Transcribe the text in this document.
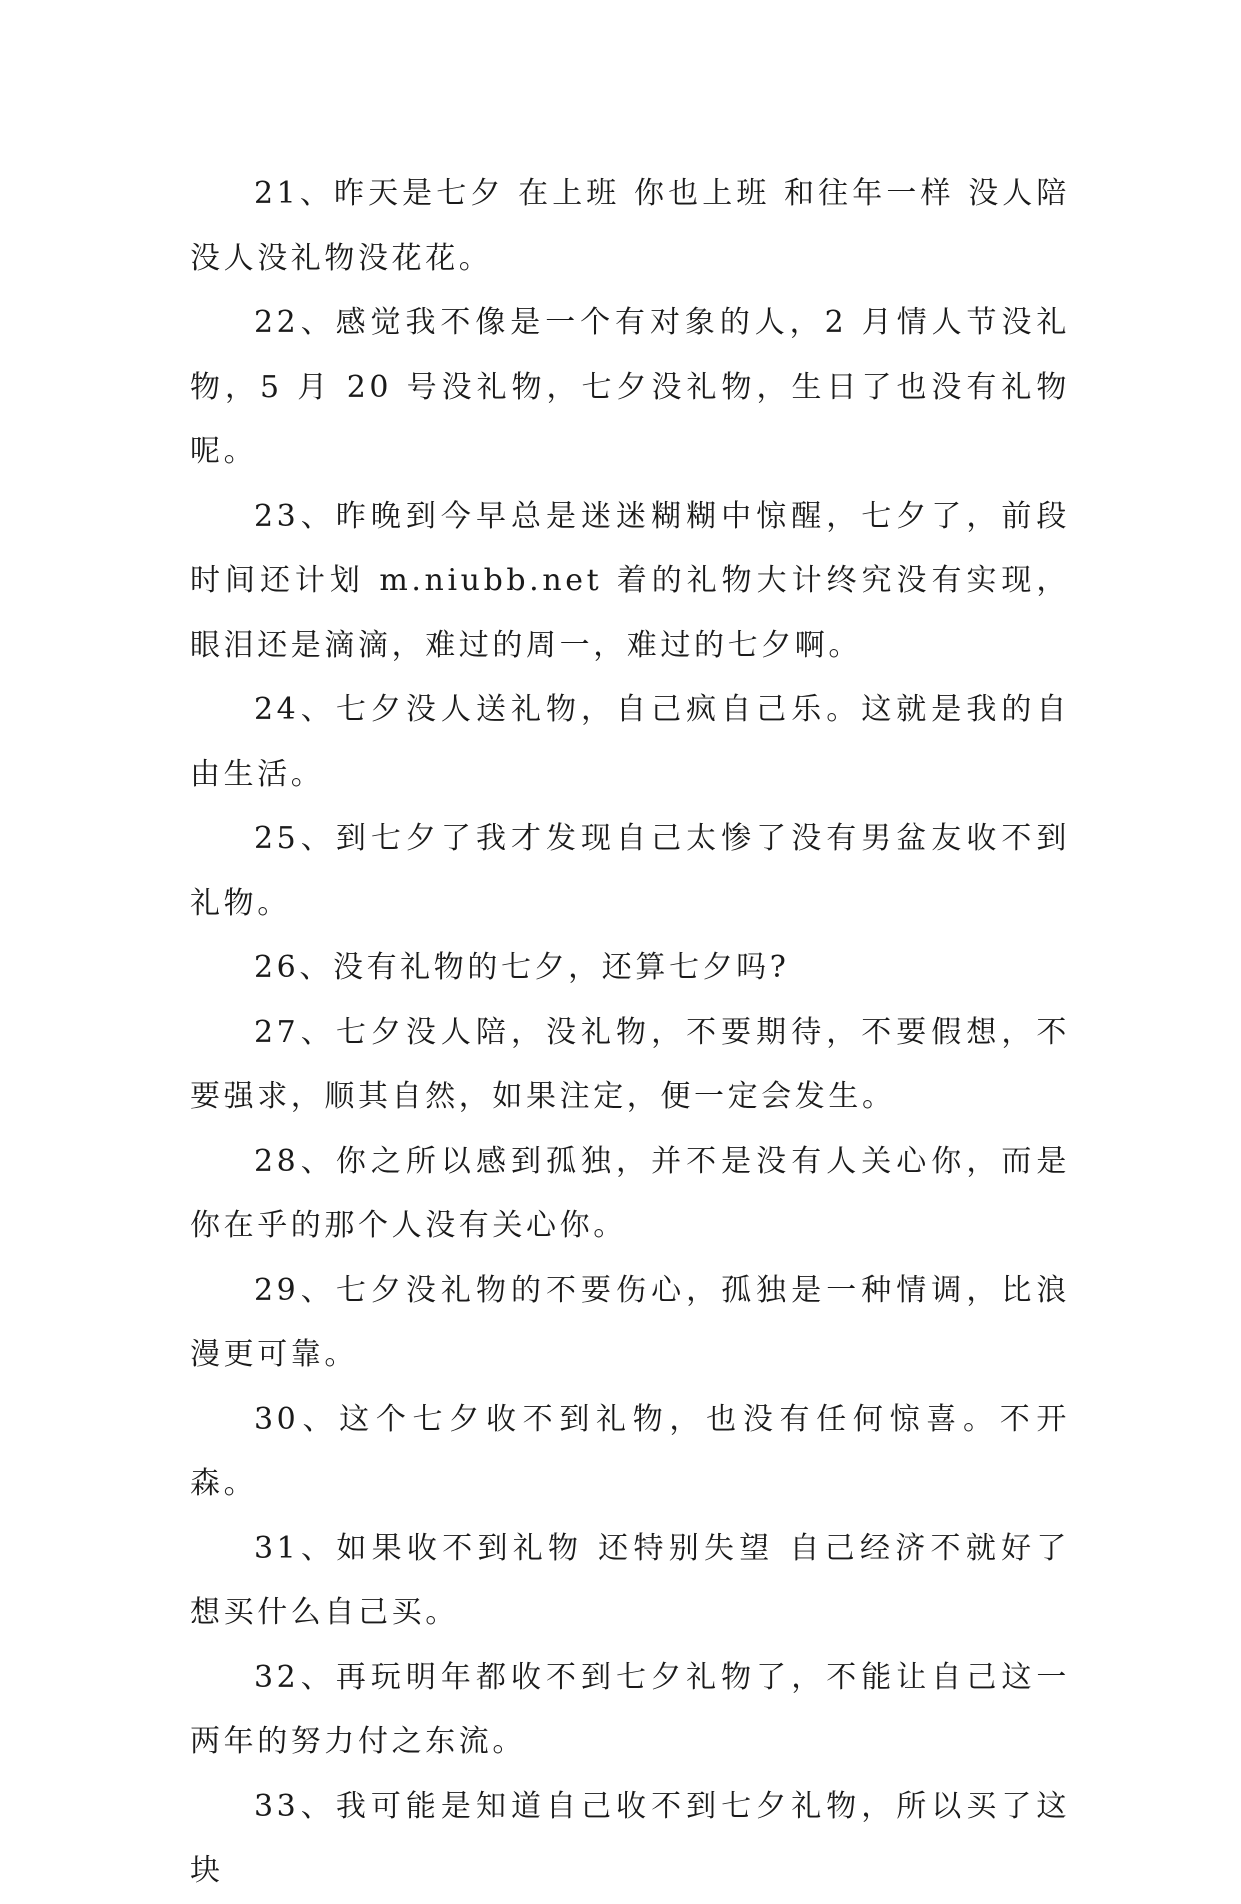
21、昨天是七夕 在上班 你也上班 和往年一样 没人陪没人没礼物没花花。

22、感觉我不像是一个有对象的人，2 月情人节没礼物，5 月 20 号没礼物，七夕没礼物，生日了也没有礼物呢。

23、昨晚到今早总是迷迷糊糊中惊醒，七夕了，前段时间还计划 m.niubb.net 着的礼物大计终究没有实现，眼泪还是滴滴，难过的周一，难过的七夕啊。

24、七夕没人送礼物，自己疯自己乐。这就是我的自由生活。

25、到七夕了我才发现自己太惨了没有男盆友收不到礼物。

26、没有礼物的七夕，还算七夕吗?

27、七夕没人陪，没礼物，不要期待，不要假想，不要强求，顺其自然，如果注定，便一定会发生。

28、你之所以感到孤独，并不是没有人关心你，而是你在乎的那个人没有关心你。

29、七夕没礼物的不要伤心，孤独是一种情调，比浪漫更可靠。

30、这个七夕收不到礼物，也没有任何惊喜。不开森。

31、如果收不到礼物 还特别失望 自己经济不就好了 想买什么自己买。

32、再玩明年都收不到七夕礼物了，不能让自己这一两年的努力付之东流。

33、我可能是知道自己收不到七夕礼物，所以买了这块
